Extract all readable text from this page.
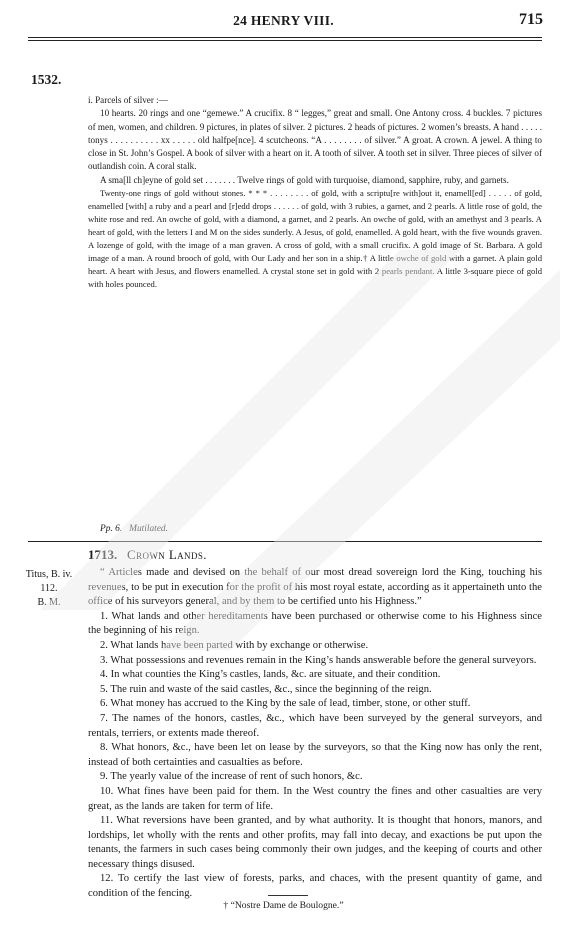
24 HENRY VIII.	715
1532.

i. Parcels of silver :—

10 hearts. 20 rings and one “gemewe.” A crucifix. 8 “ legges,” great and small. One Antony cross. 4 buckles. 7 pictures of men, women, and children. 9 pictures, in plates of silver. 2 pictures. 2 heads of pictures. 2 women’s breasts. A hand . . . . . tonys . . . . . . . . . . xx . . . . . old halfpe[nce]. 4 scutcheons. “A . . . . . . . . of silver.” A groat. A crown. A jewel. A thing to close in St. John’s Gospel. A book of silver with a heart on it. A tooth of silver. A tooth set in silver. Three pieces of silver of outlandish coin. A coral stalk.

A sma[ll ch]eyne of gold set . . . . . . . Twelve rings of gold with turquoise, diamond, sapphire, ruby, and garnets.

Twenty-one rings of gold without stones. * * * . . . . . . . . of gold, with a scriptu[re with]out it, enamell[ed] . . . . . of gold, enamelled [with] a ruby and a pearl and [r]edd drops . . . . . . of gold, with 3 rubies, a garnet, and 2 pearls. A little rose of gold, the white rose and red. An owche of gold, with a diamond, a garnet, and 2 pearls. An owche of gold, with an amethyst and 3 pearls. A heart of gold, with the letters I and M on the sides sunderly. A Jesus, of gold, enamelled. A gold heart, with the five wounds graven. A lozenge of gold, with the image of a man graven. A cross of gold, with a small crucifix. A gold image of St. Barbara. A gold image of a man. A round brooch of gold, with Our Lady and her son in a ship.† A little owche of gold with a garnet. A plain gold heart. A heart with Jesus, and flowers enamelled. A crystal stone set in gold with 2 pearls pendant. A little 3-square piece of gold with holes pounced.

Pp. 6. Mutilated.
1713. Crown Lands.
Titus, B. iv.
112.
B. M.

“ Articles made and devised on the behalf of our most dread sovereign lord the King, touching his revenues, to be put in execution for the profit of his most royal estate, according as it appertaineth unto the office of his surveyors general, and by them to be certified unto his Highness.”

1. What lands and other hereditaments have been purchased or otherwise come to his Highness since the beginning of his reign.

2. What lands have been parted with by exchange or otherwise.

3. What possessions and revenues remain in the King’s hands answerable before the general surveyors.

4. In what counties the King’s castles, lands, &c. are situate, and their condition.

5. The ruin and waste of the said castles, &c., since the beginning of the reign.

6. What money has accrued to the King by the sale of lead, timber, stone, or other stuff.

7. The names of the honors, castles, &c., which have been surveyed by the general surveyors, and rentals, terriers, or extents made thereof.

8. What honors, &c., have been let on lease by the surveyors, so that the King now has only the rent, instead of both certainties and casualties as before.

9. The yearly value of the increase of rent of such honors, &c.

10. What fines have been paid for them. In the West country the fines and other casualties are very great, as the lands are taken for term of life.

11. What reversions have been granted, and by what authority. It is thought that honors, manors, and lordships, let wholly with the rents and other profits, may fall into decay, and exactions be put upon the tenants, the farmers in such cases being commonly their own judges, and the keeping of courts and other necessary things disused.

12. To certify the last view of forests, parks, and chaces, with the present quantity of game, and condition of the fencing.

† “Nostre Dame de Boulogne.”
